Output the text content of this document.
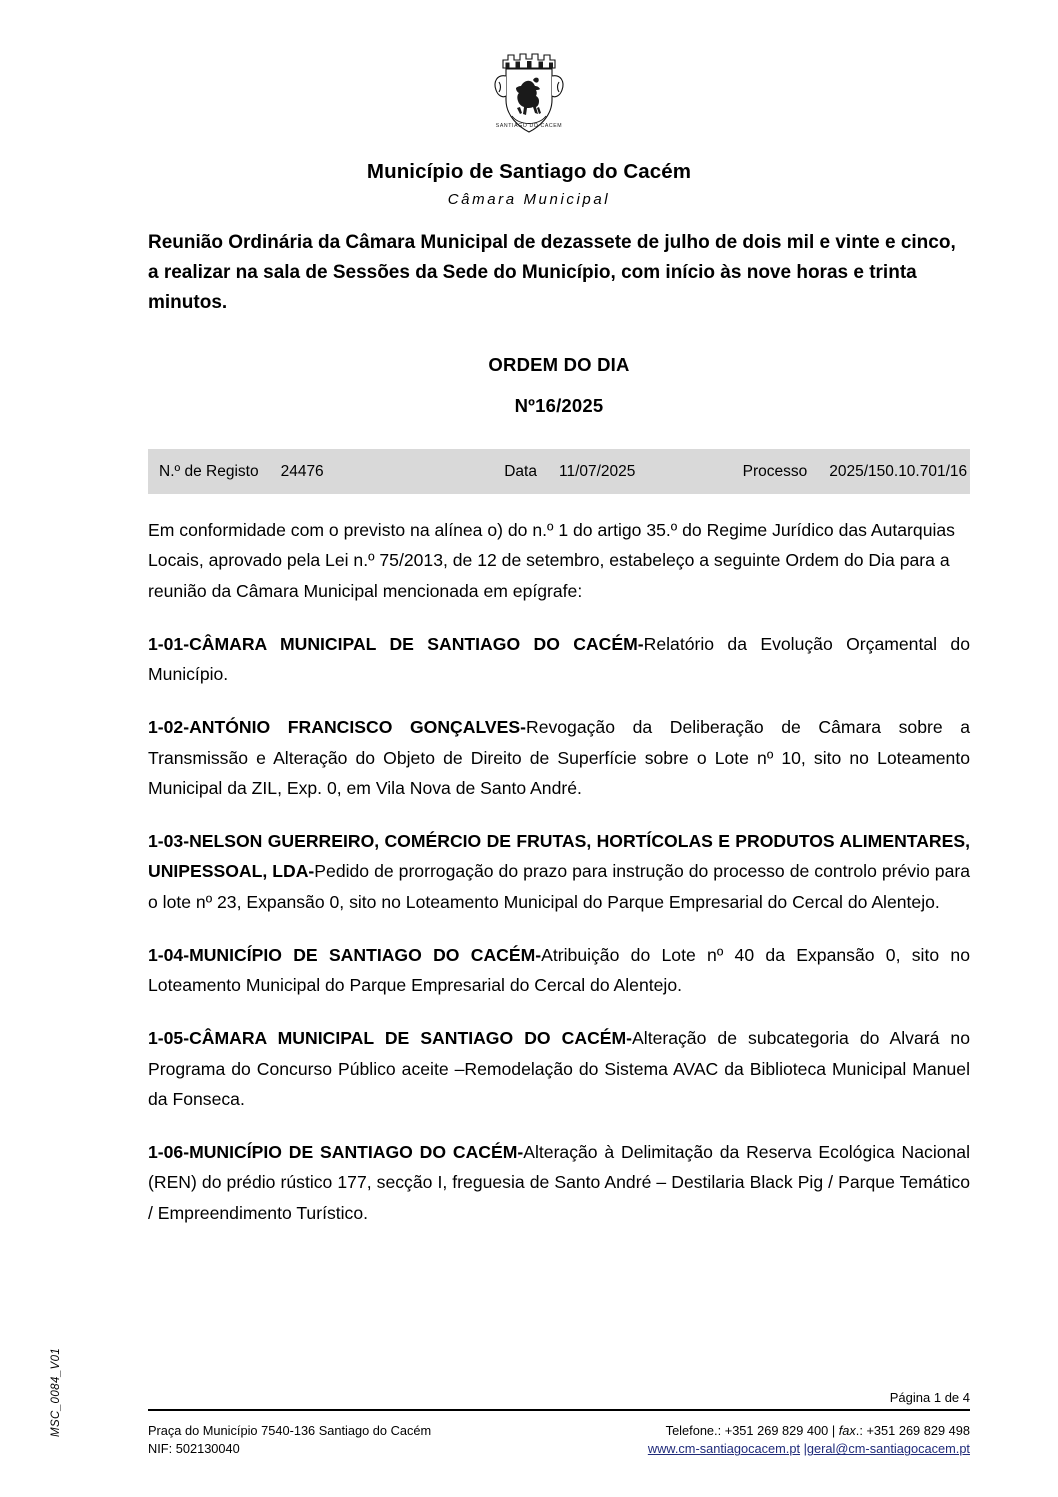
SANTIAGO DO CACEM
Município de Santiago do Cacém
Câmara Municipal
Reunião Ordinária da Câmara Municipal de dezassete de julho de dois mil e vinte e cinco, a realizar na sala de Sessões da Sede do Município, com início às nove horas e trinta minutos.
ORDEM DO DIA
Nº16/2025
N.º de Registo	24476	Data	11/07/2025	Processo	2025/150.10.701/16
Em conformidade com o previsto na alínea o) do n.º 1 do artigo 35.º do Regime Jurídico das Autarquias Locais, aprovado pela Lei n.º 75/2013, de 12 de setembro, estabeleço a seguinte Ordem do Dia para a reunião da Câmara Municipal mencionada em epígrafe:
1-01-CÂMARA MUNICIPAL DE SANTIAGO DO CACÉM-Relatório da Evolução Orçamental do Município.
1-02-ANTÓNIO FRANCISCO GONÇALVES-Revogação da Deliberação de Câmara sobre a Transmissão e Alteração do Objeto de Direito de Superfície sobre o Lote nº 10, sito no Loteamento Municipal da ZIL, Exp. 0, em Vila Nova de Santo André.
1-03-NELSON GUERREIRO, COMÉRCIO DE FRUTAS, HORTÍCOLAS E PRODUTOS ALIMENTARES, UNIPESSOAL, LDA-Pedido de prorrogação do prazo para instrução do processo de controlo prévio para o lote nº 23, Expansão 0, sito no Loteamento Municipal do Parque Empresarial do Cercal do Alentejo.
1-04-MUNICÍPIO DE SANTIAGO DO CACÉM-Atribuição do Lote nº 40 da Expansão 0, sito no Loteamento Municipal do Parque Empresarial do Cercal do Alentejo.
1-05-CÂMARA MUNICIPAL DE SANTIAGO DO CACÉM-Alteração de subcategoria do Alvará no Programa do Concurso Público aceite –Remodelação do Sistema AVAC da Biblioteca Municipal Manuel da Fonseca.
1-06-MUNICÍPIO DE SANTIAGO DO CACÉM-Alteração à Delimitação da Reserva Ecológica Nacional (REN) do prédio rústico 177, secção I, freguesia de Santo André – Destilaria Black Pig / Parque Temático / Empreendimento Turístico.
MSC_0084_V01	Página 1 de 4
Praça do Município 7540-136 Santiago do Cacém
NIF: 502130040
Telefone.: +351 269 829 400 | fax.: +351 269 829 498
www.cm-santiagocacem.pt |geral@cm-santiagocacem.pt
